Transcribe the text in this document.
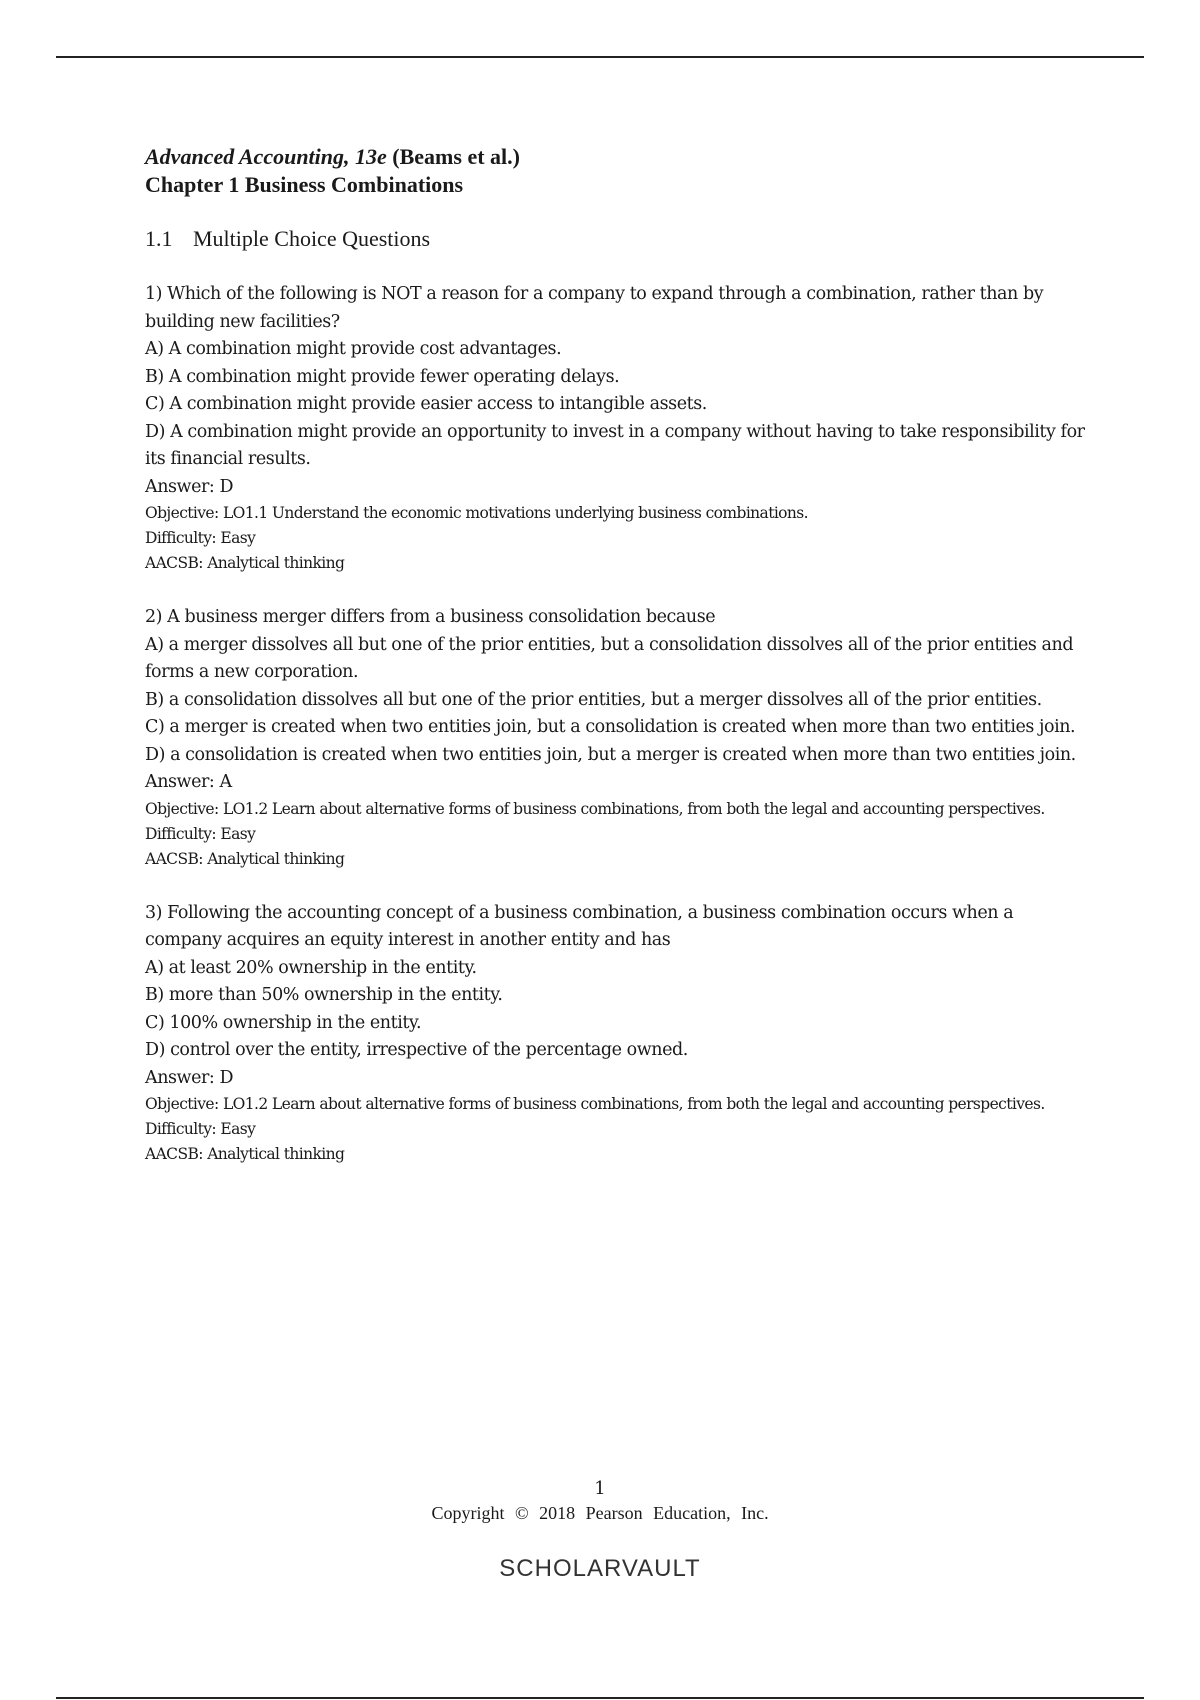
Advanced Accounting, 13e (Beams et al.)

Chapter 1 Business Combinations

1.1 Multiple Choice Questions

1) Which of the following is NOT a reason for a company to expand through a combination, rather than by building new facilities?

A) A combination might provide cost advantages.

B) A combination might provide fewer operating delays.

C) A combination might provide easier access to intangible assets.

D) A combination might provide an opportunity to invest in a company without having to take responsibility for its financial results.

Answer: D

Objective: LO1.1 Understand the economic motivations underlying business combinations.

Difficulty: Easy

AACSB: Analytical thinking

2) A business merger differs from a business consolidation because

A) a merger dissolves all but one of the prior entities, but a consolidation dissolves all of the prior entities and forms a new corporation.

B) a consolidation dissolves all but one of the prior entities, but a merger dissolves all of the prior entities.

C) a merger is created when two entities join, but a consolidation is created when more than two entities join.

D) a consolidation is created when two entities join, but a merger is created when more than two entities join.

Answer: A

Objective: LO1.2 Learn about alternative forms of business combinations, from both the legal and accounting perspectives.

Difficulty: Easy

AACSB: Analytical thinking

3) Following the accounting concept of a business combination, a business combination occurs when a company acquires an equity interest in another entity and has

A) at least 20% ownership in the entity.

B) more than 50% ownership in the entity.

C) 100% ownership in the entity.

D) control over the entity, irrespective of the percentage owned.

Answer: D

Objective: LO1.2 Learn about alternative forms of business combinations, from both the legal and accounting perspectives.

Difficulty: Easy

AACSB: Analytical thinking

1
Copyright © 2018 Pearson Education, Inc.
SCHOLARVAULT
